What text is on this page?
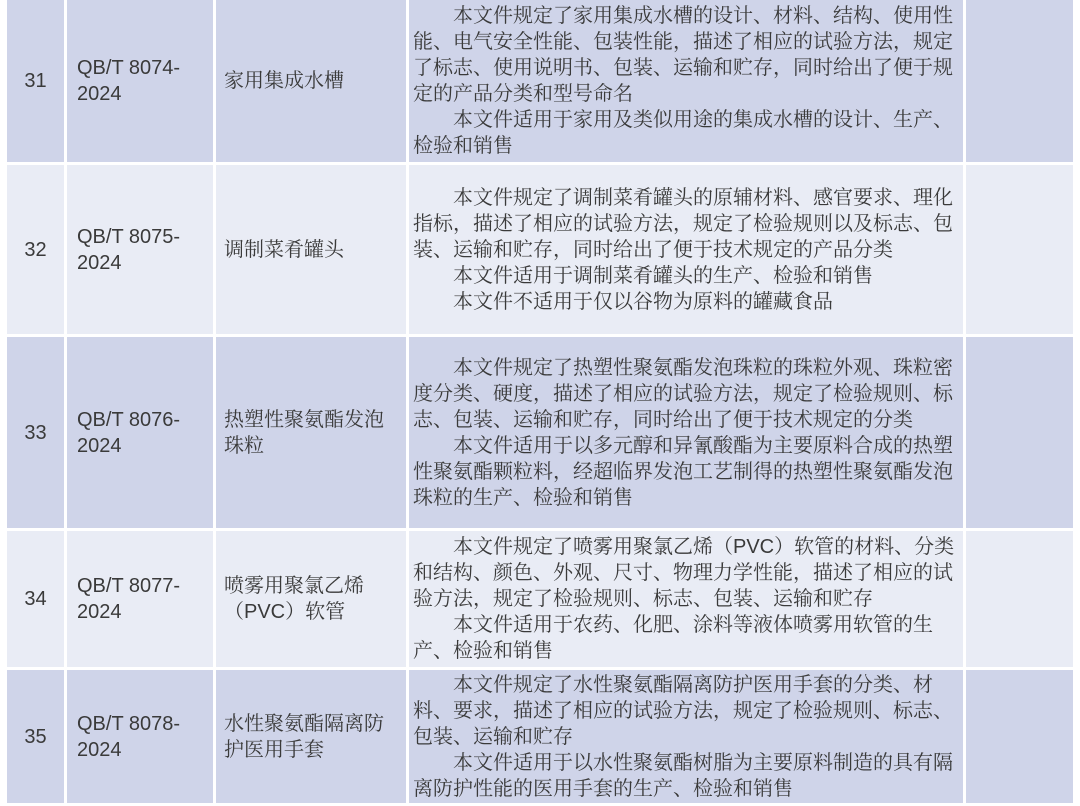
31	QB/T 8074-2024	家用集成水槽	本文件规定了家用集成水槽的设计、材料、结构、使用性能、电气安全性能、包装性能，描述了相应的试验方法，规定了标志、使用说明书、包装、运输和贮存，同时给出了便于规定的产品分类和型号命名

本文件适用于家用及类似用途的集成水槽的设计、生产、检验和销售	

32	QB/T 8075-2024	调制菜肴罐头	本文件规定了调制菜肴罐头的原辅材料、感官要求、理化指标，描述了相应的试验方法，规定了检验规则以及标志、包装、运输和贮存，同时给出了便于技术规定的产品分类

本文件适用于调制菜肴罐头的生产、检验和销售

本文件不适用于仅以谷物为原料的罐藏食品	

33	QB/T 8076-2024	热塑性聚氨酯发泡珠粒	本文件规定了热塑性聚氨酯发泡珠粒的珠粒外观、珠粒密度分类、硬度，描述了相应的试验方法，规定了检验规则、标志、包装、运输和贮存，同时给出了便于技术规定的分类

本文件适用于以多元醇和异氰酸酯为主要原料合成的热塑性聚氨酯颗粒料，经超临界发泡工艺制得的热塑性聚氨酯发泡珠粒的生产、检验和销售	

34	QB/T 8077-2024	喷雾用聚氯乙烯（PVC）软管	本文件规定了喷雾用聚氯乙烯（PVC）软管的材料、分类和结构、颜色、外观、尺寸、物理力学性能，描述了相应的试验方法，规定了检验规则、标志、包装、运输和贮存

本文件适用于农药、化肥、涂料等液体喷雾用软管的生产、检验和销售	

35	QB/T 8078-2024	水性聚氨酯隔离防护医用手套	本文件规定了水性聚氨酯隔离防护医用手套的分类、材料、要求，描述了相应的试验方法，规定了检验规则、标志、包装、运输和贮存

本文件适用于以水性聚氨酯树脂为主要原料制造的具有隔离防护性能的医用手套的生产、检验和销售	
